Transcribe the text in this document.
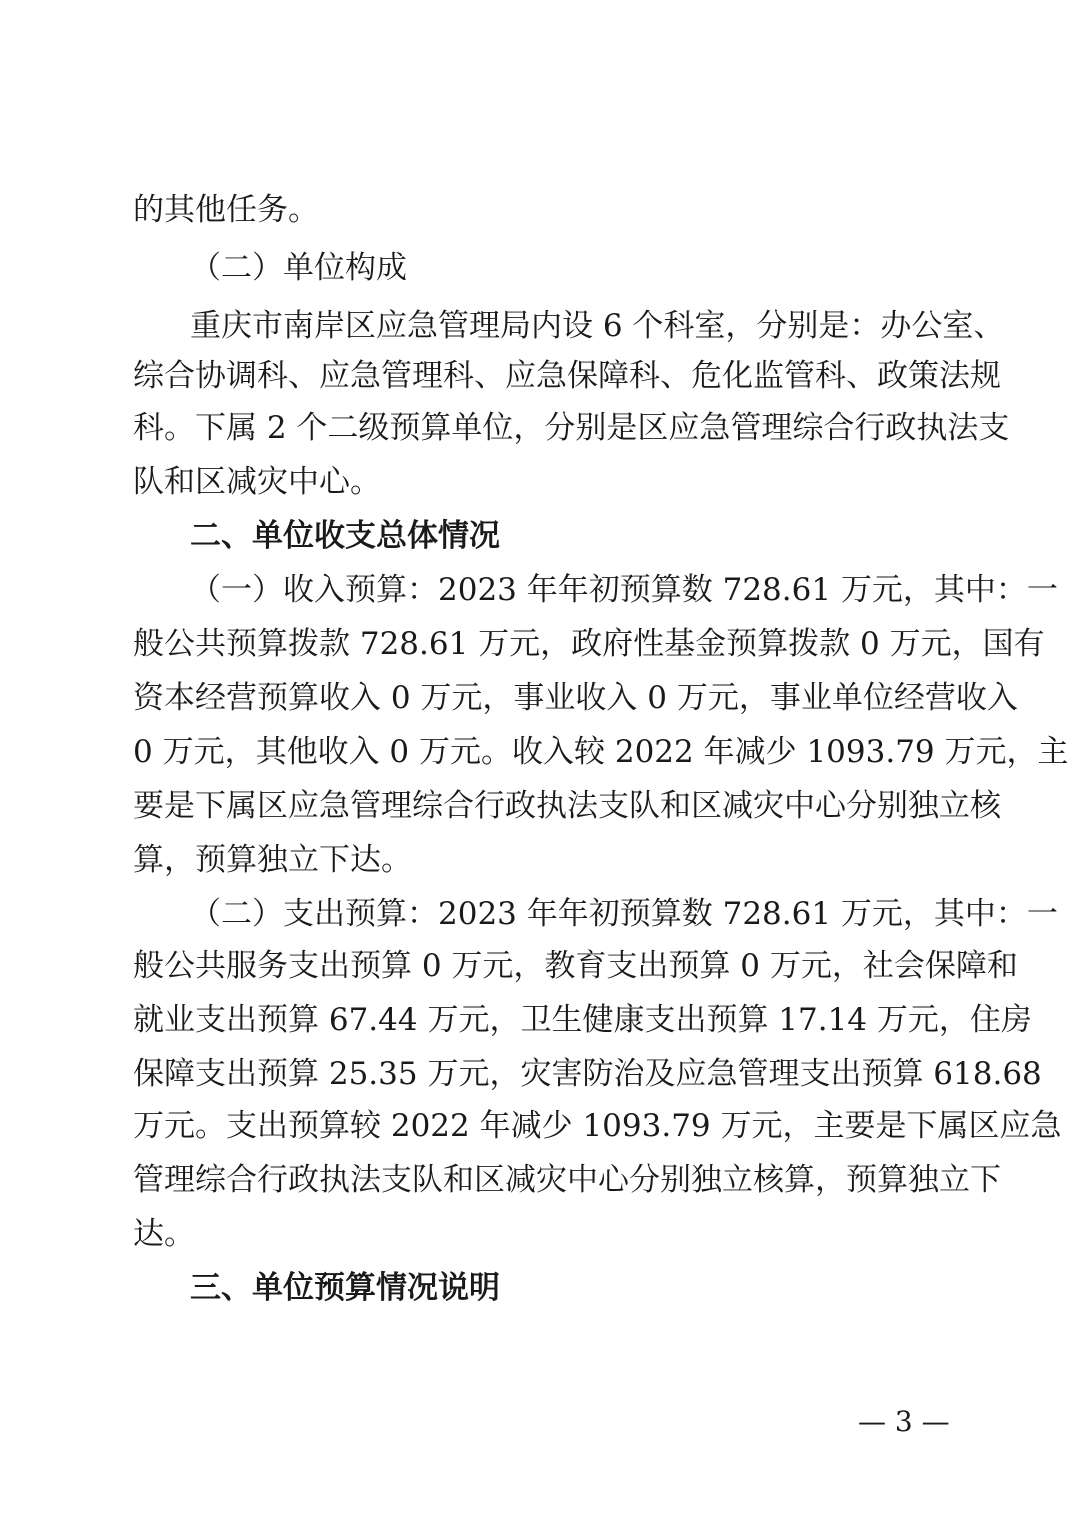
的其他任务。
（二）单位构成
重庆市南岸区应急管理局内设 6 个科室，分别是：办公室、
综合协调科、应急管理科、应急保障科、危化监管科、政策法规
科。下属 2 个二级预算单位，分别是区应急管理综合行政执法支
队和区减灾中心。
二、单位收支总体情况
（一）收入预算：2023 年年初预算数 728.61 万元，其中：一
般公共预算拨款 728.61 万元，政府性基金预算拨款 0 万元，国有
资本经营预算收入 0 万元，事业收入 0 万元，事业单位经营收入
0 万元，其他收入 0 万元。收入较 2022 年减少 1093.79 万元，主
要是下属区应急管理综合行政执法支队和区减灾中心分别独立核
算，预算独立下达。
（二）支出预算：2023 年年初预算数 728.61 万元，其中：一
般公共服务支出预算 0 万元，教育支出预算 0 万元，社会保障和
就业支出预算 67.44 万元，卫生健康支出预算 17.14 万元，住房
保障支出预算 25.35 万元，灾害防治及应急管理支出预算 618.68
万元。支出预算较 2022 年减少 1093.79 万元，主要是下属区应急
管理综合行政执法支队和区减灾中心分别独立核算，预算独立下
达。
三、单位预算情况说明
— 3 —
